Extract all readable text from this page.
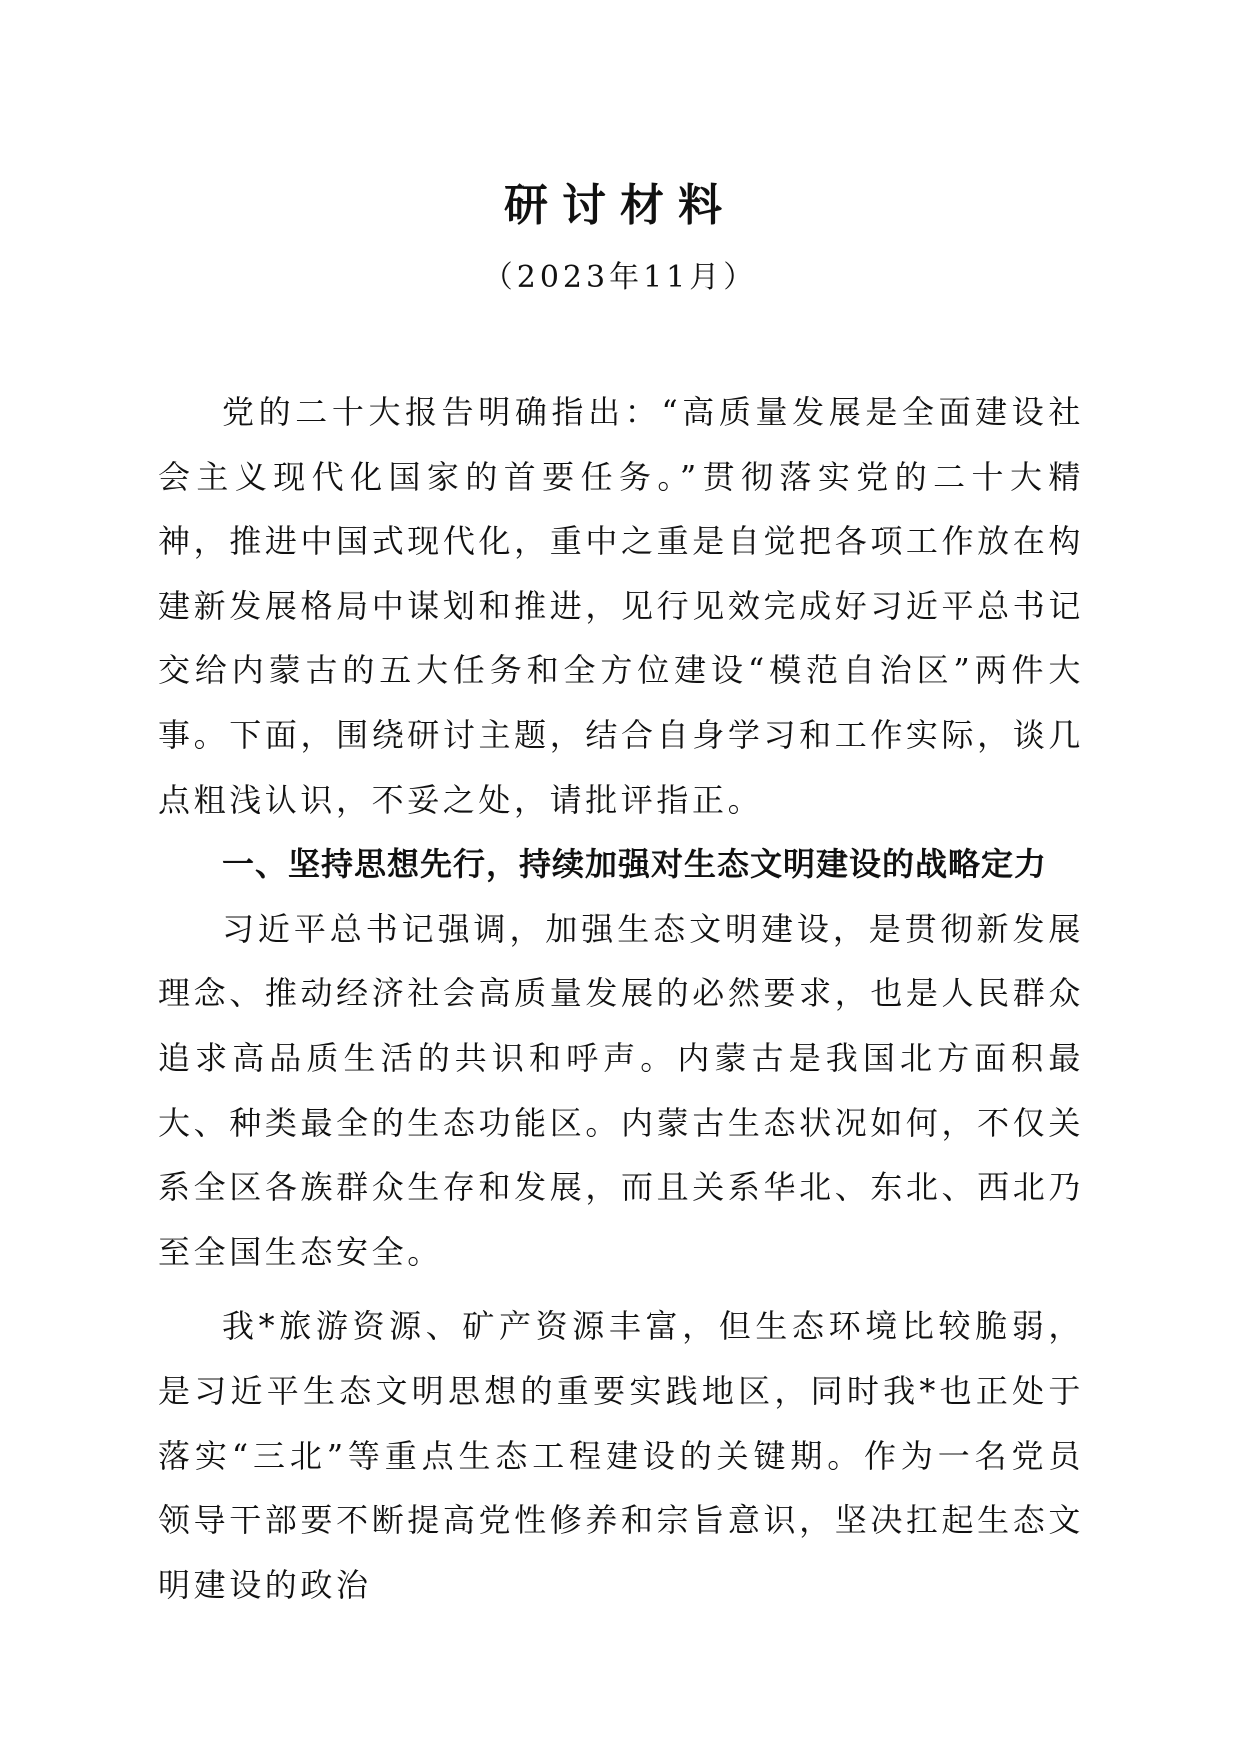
研讨材料
（2023年11月）

党的二十大报告明确指出：“高质量发展是全面建设社会主义现代化国家的首要任务。”贯彻落实党的二十大精神，推进中国式现代化，重中之重是自觉把各项工作放在构建新发展格局中谋划和推进，见行见效完成好习近平总书记交给内蒙古的五大任务和全方位建设“模范自治区”两件大事。下面，围绕研讨主题，结合自身学习和工作实际，谈几点粗浅认识，不妥之处，请批评指正。

一、坚持思想先行，持续加强对生态文明建设的战略定力

习近平总书记强调，加强生态文明建设，是贯彻新发展理念、推动经济社会高质量发展的必然要求，也是人民群众追求高品质生活的共识和呼声。内蒙古是我国北方面积最大、种类最全的生态功能区。内蒙古生态状况如何，不仅关系全区各族群众生存和发展，而且关系华北、东北、西北乃至全国生态安全。

我*旅游资源、矿产资源丰富，但生态环境比较脆弱，是习近平生态文明思想的重要实践地区，同时我*也正处于落实“三北”等重点生态工程建设的关键期。作为一名党员领导干部要不断提高党性修养和宗旨意识，坚决扛起生态文明建设的政治
